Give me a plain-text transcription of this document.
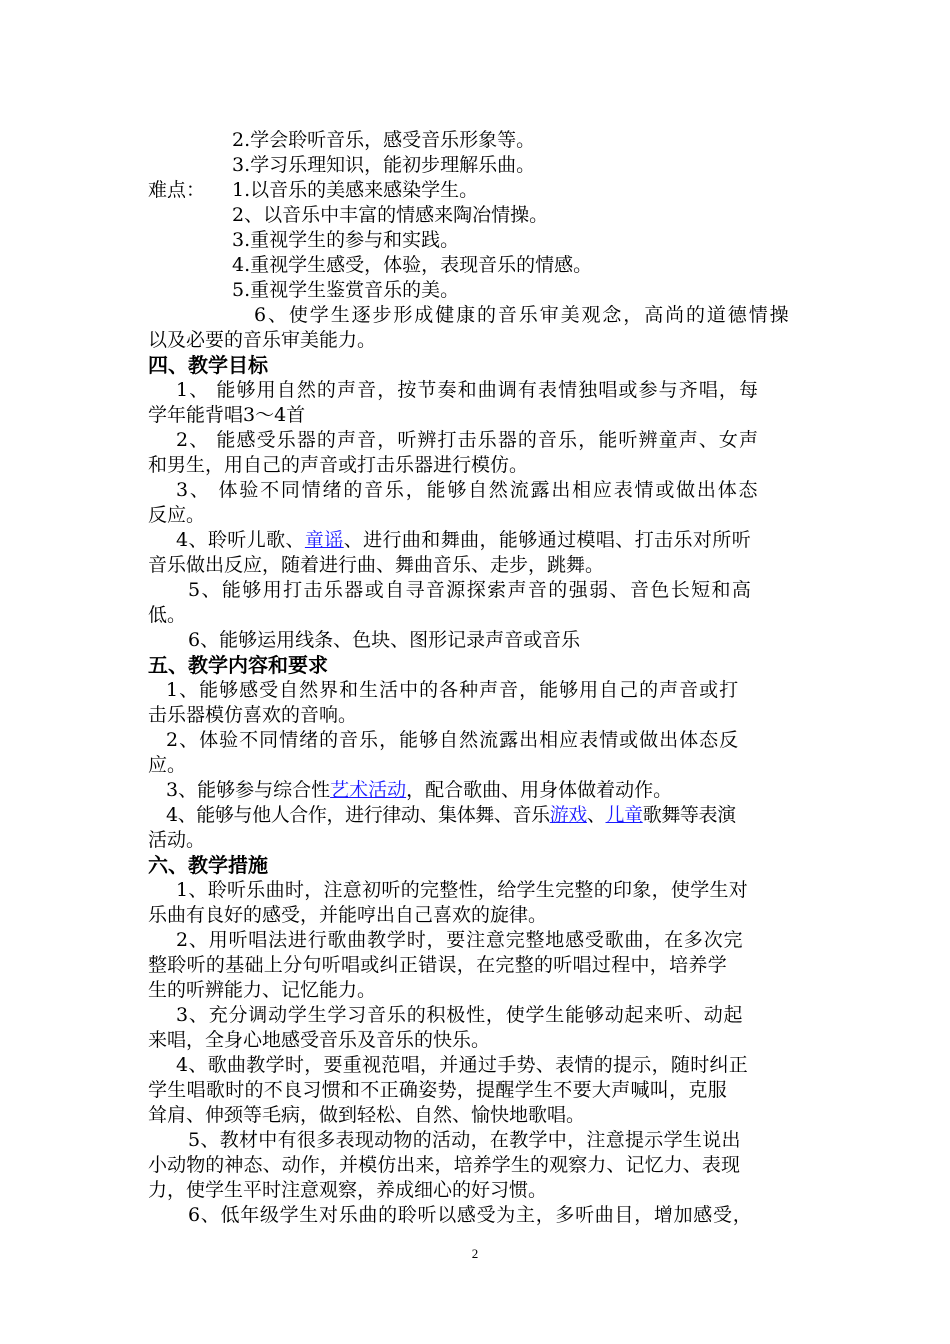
2.学会聆听音乐，感受音乐形象等。
3.学习乐理知识，能初步理解乐曲。
难点： 1.以音乐的美感来感染学生。
2、以音乐中丰富的情感来陶冶情操。
3.重视学生的参与和实践。
4.重视学生感受，体验，表现音乐的情感。
5.重视学生鉴赏音乐的美。
6、使学生逐步形成健康的音乐审美观念，高尚的道德情操
以及必要的音乐审美能力。
四、教学目标
1、 能够用自然的声音，按节奏和曲调有表情独唱或参与齐唱，每
学年能背唱3～4首
2、 能感受乐器的声音，听辨打击乐器的音乐，能听辨童声、女声
和男生，用自己的声音或打击乐器进行模仿。
3、 体验不同情绪的音乐，能够自然流露出相应表情或做出体态
反应。
4、聆听儿歌、童谣、进行曲和舞曲，能够通过模唱、打击乐对所听
音乐做出反应，随着进行曲、舞曲音乐、走步，跳舞。
5、能够用打击乐器或自寻音源探索声音的强弱、音色长短和高
低。
6、能够运用线条、色块、图形记录声音或音乐
五、教学内容和要求
1、能够感受自然界和生活中的各种声音，能够用自己的声音或打
击乐器模仿喜欢的音响。
2、体验不同情绪的音乐，能够自然流露出相应表情或做出体态反
应。
3、能够参与综合性艺术活动，配合歌曲、用身体做着动作。
4、能够与他人合作，进行律动、集体舞、音乐游戏、儿童歌舞等表演
活动。
六、教学措施
1、聆听乐曲时，注意初听的完整性，给学生完整的印象，使学生对
乐曲有良好的感受，并能哼出自己喜欢的旋律。
2、用听唱法进行歌曲教学时，要注意完整地感受歌曲，在多次完
整聆听的基础上分句听唱或纠正错误，在完整的听唱过程中，培养学
生的听辨能力、记忆能力。
3、充分调动学生学习音乐的积极性，使学生能够动起来听、动起
来唱，全身心地感受音乐及音乐的快乐。
4、歌曲教学时，要重视范唱，并通过手势、表情的提示，随时纠正
学生唱歌时的不良习惯和不正确姿势，提醒学生不要大声喊叫，克服
耸肩、伸颈等毛病，做到轻松、自然、愉快地歌唱。
5、教材中有很多表现动物的活动，在教学中，注意提示学生说出
小动物的神态、动作，并模仿出来，培养学生的观察力、记忆力、表现
力，使学生平时注意观察，养成细心的好习惯。
6、低年级学生对乐曲的聆听以感受为主，多听曲目，增加感受，
2
